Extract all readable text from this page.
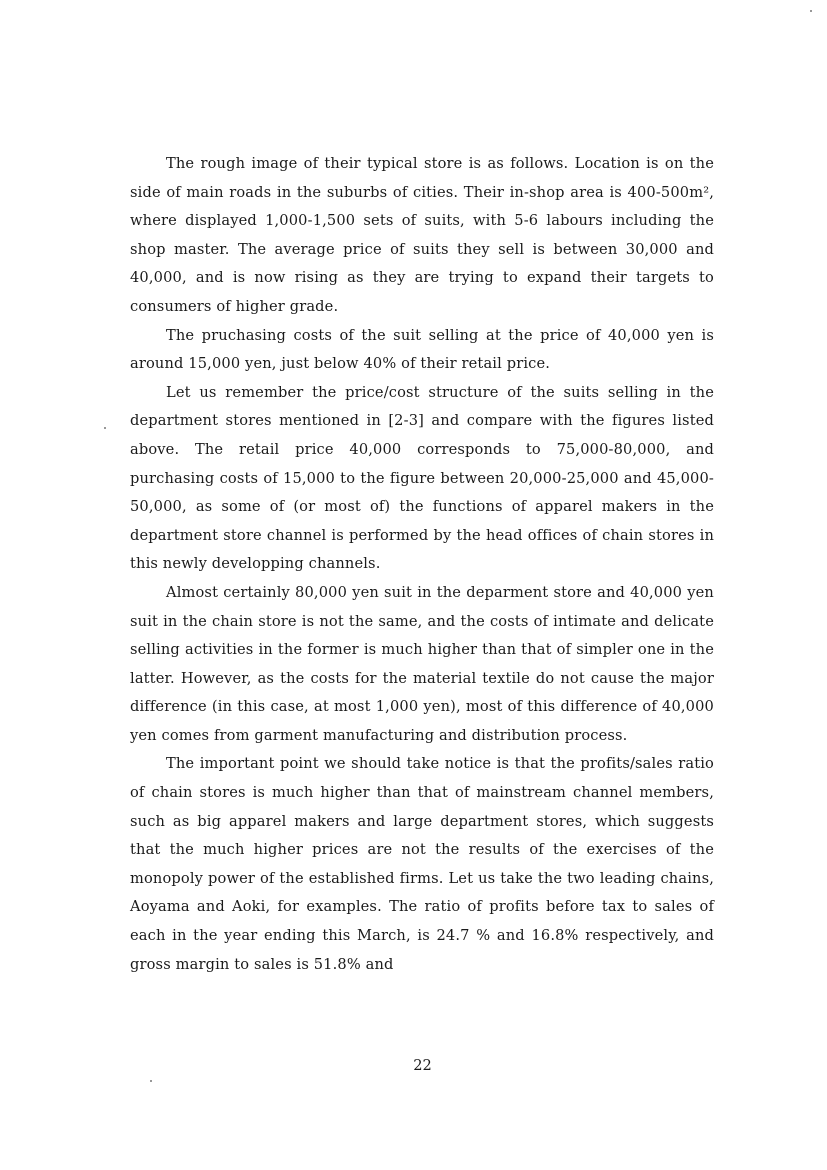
The rough image of their typical store is as follows. Location is on the side of main roads in the suburbs of cities. Their in-shop area is 400-500m², where displayed 1,000-1,500 sets of suits, with 5-6 labours including the shop master. The average price of suits they sell is between 30,000 and 40,000, and is now rising as they are trying to expand their targets to consumers of higher grade.

The pruchasing costs of the suit selling at the price of 40,000 yen is around 15,000 yen, just below 40% of their retail price.

Let us remember the price/cost structure of the suits selling in the department stores mentioned in [2-3] and compare with the figures listed above. The retail price 40,000 corresponds to 75,000-80,000, and purchasing costs of 15,000 to the figure between 20,000-25,000 and 45,000-50,000, as some of (or most of) the functions of apparel makers in the department store channel is performed by the head offices of chain stores in this newly developping channels.

Almost certainly 80,000 yen suit in the deparment store and 40,000 yen suit in the chain store is not the same, and the costs of intimate and delicate selling activities in the former is much higher than that of simpler one in the latter. However, as the costs for the material textile do not cause the major difference (in this case, at most 1,000 yen), most of this difference of 40,000 yen comes from garment manufacturing and distribution process.

The important point we should take notice is that the profits/sales ratio of chain stores is much higher than that of mainstream channel members, such as big apparel makers and large department stores, which suggests that the much higher prices are not the results of the exercises of the monopoly power of the established firms. Let us take the two leading chains, Aoyama and Aoki, for examples. The ratio of profits before tax to sales of each in the year ending this March, is 24.7 % and 16.8% respectively, and gross margin to sales is 51.8% and

22
